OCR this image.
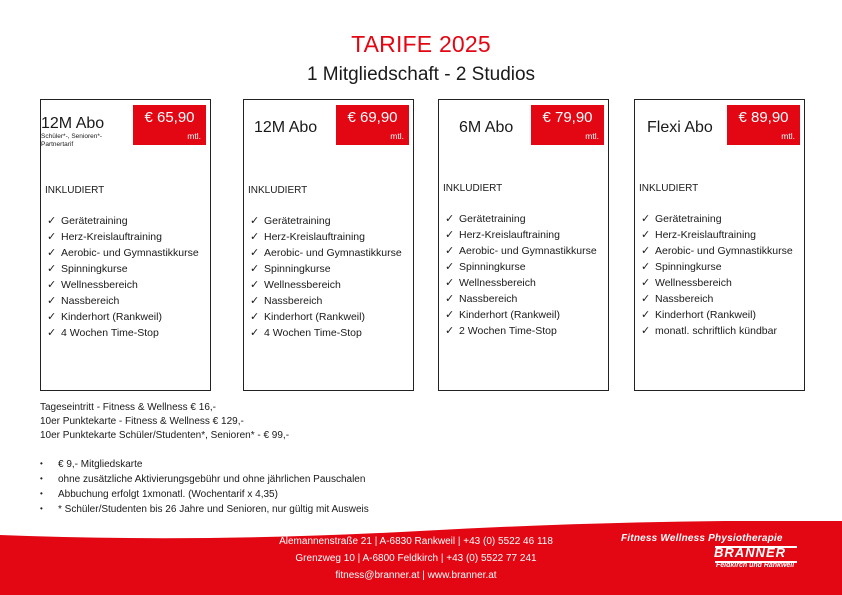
TARIFE 2025
1 Mitgliedschaft - 2 Studios
12M Abo
Schüler*-, Senioren*-Partnertarif
€ 65,90
mtl.
INKLUDIERT
✓ Gerätetraining
✓ Herz-Kreislauftraining
✓ Aerobic- und Gymnastikkurse
✓ Spinningkurse
✓ Wellnessbereich
✓ Nassbereich
✓ Kinderhort (Rankweil)
✓ 4 Wochen Time-Stop
12M Abo
€ 69,90
mtl.
INKLUDIERT
✓ Gerätetraining
✓ Herz-Kreislauftraining
✓ Aerobic- und Gymnastikkurse
✓ Spinningkurse
✓ Wellnessbereich
✓ Nassbereich
✓ Kinderhort (Rankweil)
✓ 4 Wochen Time-Stop
6M Abo
€ 79,90
mtl.
INKLUDIERT
✓ Gerätetraining
✓ Herz-Kreislauftraining
✓ Aerobic- und Gymnastikkurse
✓ Spinningkurse
✓ Wellnessbereich
✓ Nassbereich
✓ Kinderhort (Rankweil)
✓ 2 Wochen Time-Stop
Flexi Abo
€ 89,90
mtl.
INKLUDIERT
✓ Gerätetraining
✓ Herz-Kreislauftraining
✓ Aerobic- und Gymnastikkurse
✓ Spinningkurse
✓ Wellnessbereich
✓ Nassbereich
✓ Kinderhort (Rankweil)
✓ monatl. schriftlich kündbar
Tageseintritt - Fitness & Wellness € 16,-
10er Punktekarte - Fitness & Wellness € 129,-
10er Punktekarte Schüler/Studenten*, Senioren* - € 99,-
• € 9,- Mitgliedskarte
• ohne zusätzliche Aktivierungsgebühr und ohne jährlichen Pauschalen
• Abbuchung erfolgt 1xmonatl. (Wochentarif x 4,35)
• * Schüler/Studenten bis 26 Jahre und Senioren, nur gültig mit Ausweis
Alemannenstraße 21 | A-6830 Rankweil | +43 (0) 5522 46 118
Grenzweg 10 | A-6800 Feldkirch | +43 (0) 5522 77 241
fitness@branner.at | www.branner.at
Fitness Wellness Physiotherapie
BRANNER
Feldkirch und Rankweil
